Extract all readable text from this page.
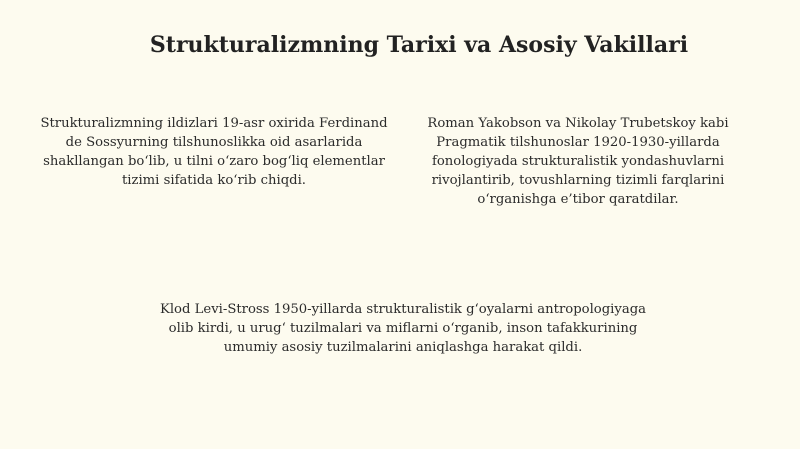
Strukturalizmning Tarixi va Asosiy Vakillari

Strukturalizmning ildizlari 19-asr oxirida Ferdinand de Sossyurning tilshunoslikka oid asarlarida shakllangan bo‘lib, u tilni o‘zaro bog‘liq elementlar tizimi sifatida ko‘rib chiqdi.

Roman Yakobson va Nikolay Trubetskoy kabi Pragmatik tilshunoslar 1920-1930-yillarda fonologiyada strukturalistik yondashuvlarni rivojlantirib, tovushlarning tizimli farqlarini o‘rganishga e’tibor qaratdilar.

Klod Levi-Stross 1950-yillarda strukturalistik g‘oyalarni antropologiyaga olib kirdi, u urug‘ tuzilmalari va miflarni o‘rganib, inson tafakkurining umumiy asosiy tuzilmalarini aniqlashga harakat qildi.
